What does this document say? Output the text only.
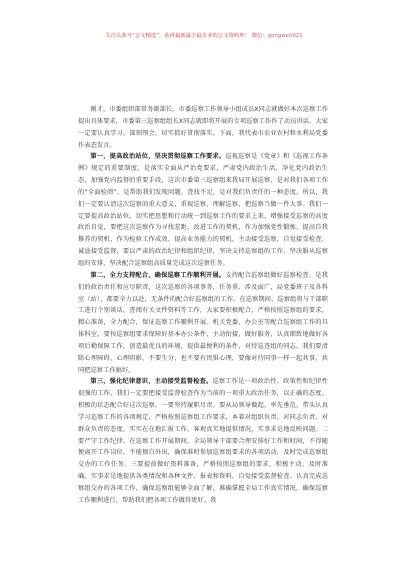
关注头条号“公文精选”，获得最新最全最专业的公文资料库！ 微信：gongwen921

刚才，市委组织部常务副部长、市委巡察工作领导小组成员X同志就做好本次巡察工作提出具体要求，市委第三巡察组组长X同志就即将开展的专项巡察工作作了动员讲话。大家一定要认真学习、深刻领会，切实抓好贯彻落实。下面，我代表市农业农村和水利局党委作表态发言。

第一，提高政治站位，坚决贯彻巡察工作要求。巡视巡察是《党章》和《巡视工作条例》规定的重要制度，是落实全面从严治党要求，严肃党内政治生活，净化党内政治生态，加强党内监督的重要手段，这次市委第三巡察组来我局开展巡察，是对我们各项工作的“全面检阅”，是帮助我们发现问题，查找不足，是对我们负责任的一种态度。所以，我们一定要认清这次巡察的重大意义，重视巡察，理解巡察，把巡察当做一件大事。我们一定要提高政治站位，切实把思想和行动统一到巡察工作的要求上来，增强接受巡察的高度政治自觉，要把这次巡察作为寻找差距、改进工作的契机，作为加强党性锻炼、提高自我修养的契机，作为检验工作成效、提高业务能力的契机，主动接受巡察，自觉接受检查，诚恳接受监督，要以严肃的政治纪律和组织纪律，坚决支持巡察组的工作，坚决服从巡察组的安排，坚决配合巡察组高质量完成这次巡察任务。

第二，全力支持配合，确保巡察工作顺利开展。支持配合巡察组做好巡察检查，是我们的政治责任和应尽职责，这次巡察的各项事务，任务重、涉及面广，局党委班子及各科室（站），都要全力以赴，无条件的配合好巡察组的工作。在巡察期间，巡察组将与干部职工进行个别谈话，查阅有关文件资料等工作，大家要积极配合，严格按照巡察组的要求，精心准备，全力配合，保证巡察工作顺利开展。机关党委、办公室等配合巡察组工作的具体科室，要按巡察组要求保障好基本办公条件，主动衔接，做好服务，认真细致地做好各项后勤保障工作，创造最优良的环境，提供最便利的条件，对待巡查组的同志，我们要清除心理障碍，心理阴影，不要生分，也不要有畏惧心理，要像对待同事一样一起共事，共同把巡察工作搞好。

第三，强化纪律意识，主动接受监督检查。巡察工作是一项政治性、政策性和纪律性很强的工作，我们一定要把接受监督检查作为当前的一项重大政治任务，以正确的态度、积极的状态配合好这次巡察。一要坚持履职尽责。要从局领导做起，率先垂范，带头认真学习巡察工作的各项规定，严格按照巡察组工作要求，本着对组织负责、对同志负责、对群众负责的态度，实实在在地汇报工作，客观真实地提供情况，实事求是地反映问题。二要严守工作纪律。在巡察工作开展期间，全局领导干部要合理安排好工作和时间，不得随便离开工作岗位，不能擅自外出，确保准时参加巡察组要求的各项活动，及时完成巡察组交办的工作任务。三要提前做好资料准备，严格按照巡察组的要求，积极主动、及时准确、实事求是地提供各类情况和各种文件、报表和资料，自觉接受监督检查。认真完成巡察组交办的各项工作，确保巡察组能够全面了解、准确掌握全局工作真实情况，确保巡察工作顺利进行，帮助我们把各项工作做得更好。我
